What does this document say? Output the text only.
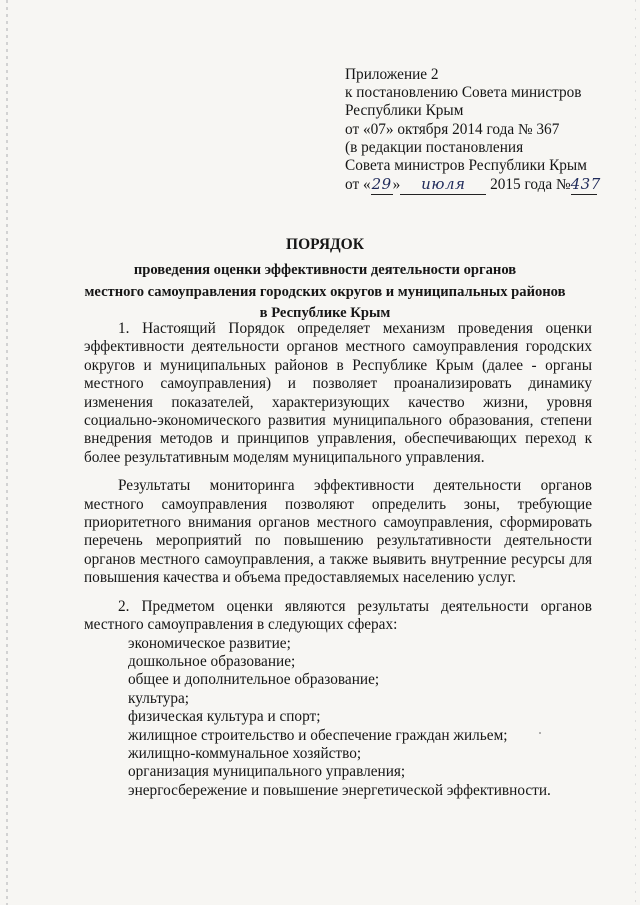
Приложение 2
к постановлению Совета министров
Республики Крым
от «07» октября 2014 года № 367
(в редакции постановления
Совета министров Республики Крым
от «29» июля 2015 года №437
ПОРЯДОК
проведения оценки эффективности деятельности органов
местного самоуправления городских округов и муниципальных районов
в Республике Крым

1. Настоящий Порядок определяет механизм проведения оценки эффективности деятельности органов местного самоуправления городских округов и муниципальных районов в Республике Крым (далее - органы местного самоуправления) и позволяет проанализировать динамику изменения показателей, характеризующих качество жизни, уровня социально-экономического развития муниципального образования, степени внедрения методов и принципов управления, обеспечивающих переход к более результативным моделям муниципального управления.

Результаты мониторинга эффективности деятельности органов местного самоуправления позволяют определить зоны, требующие приоритетного внимания органов местного самоуправления, сформировать перечень мероприятий по повышению результативности деятельности органов местного самоуправления, а также выявить внутренние ресурсы для повышения качества и объема предоставляемых населению услуг.

2. Предметом оценки являются результаты деятельности органов местного самоуправления в следующих сферах:

экономическое развитие;
дошкольное образование;
общее и дополнительное образование;
культура;
физическая культура и спорт;
жилищное строительство и обеспечение граждан жильем;
жилищно-коммунальное хозяйство;
организация муниципального управления;
энергосбережение и повышение энергетической эффективности.
